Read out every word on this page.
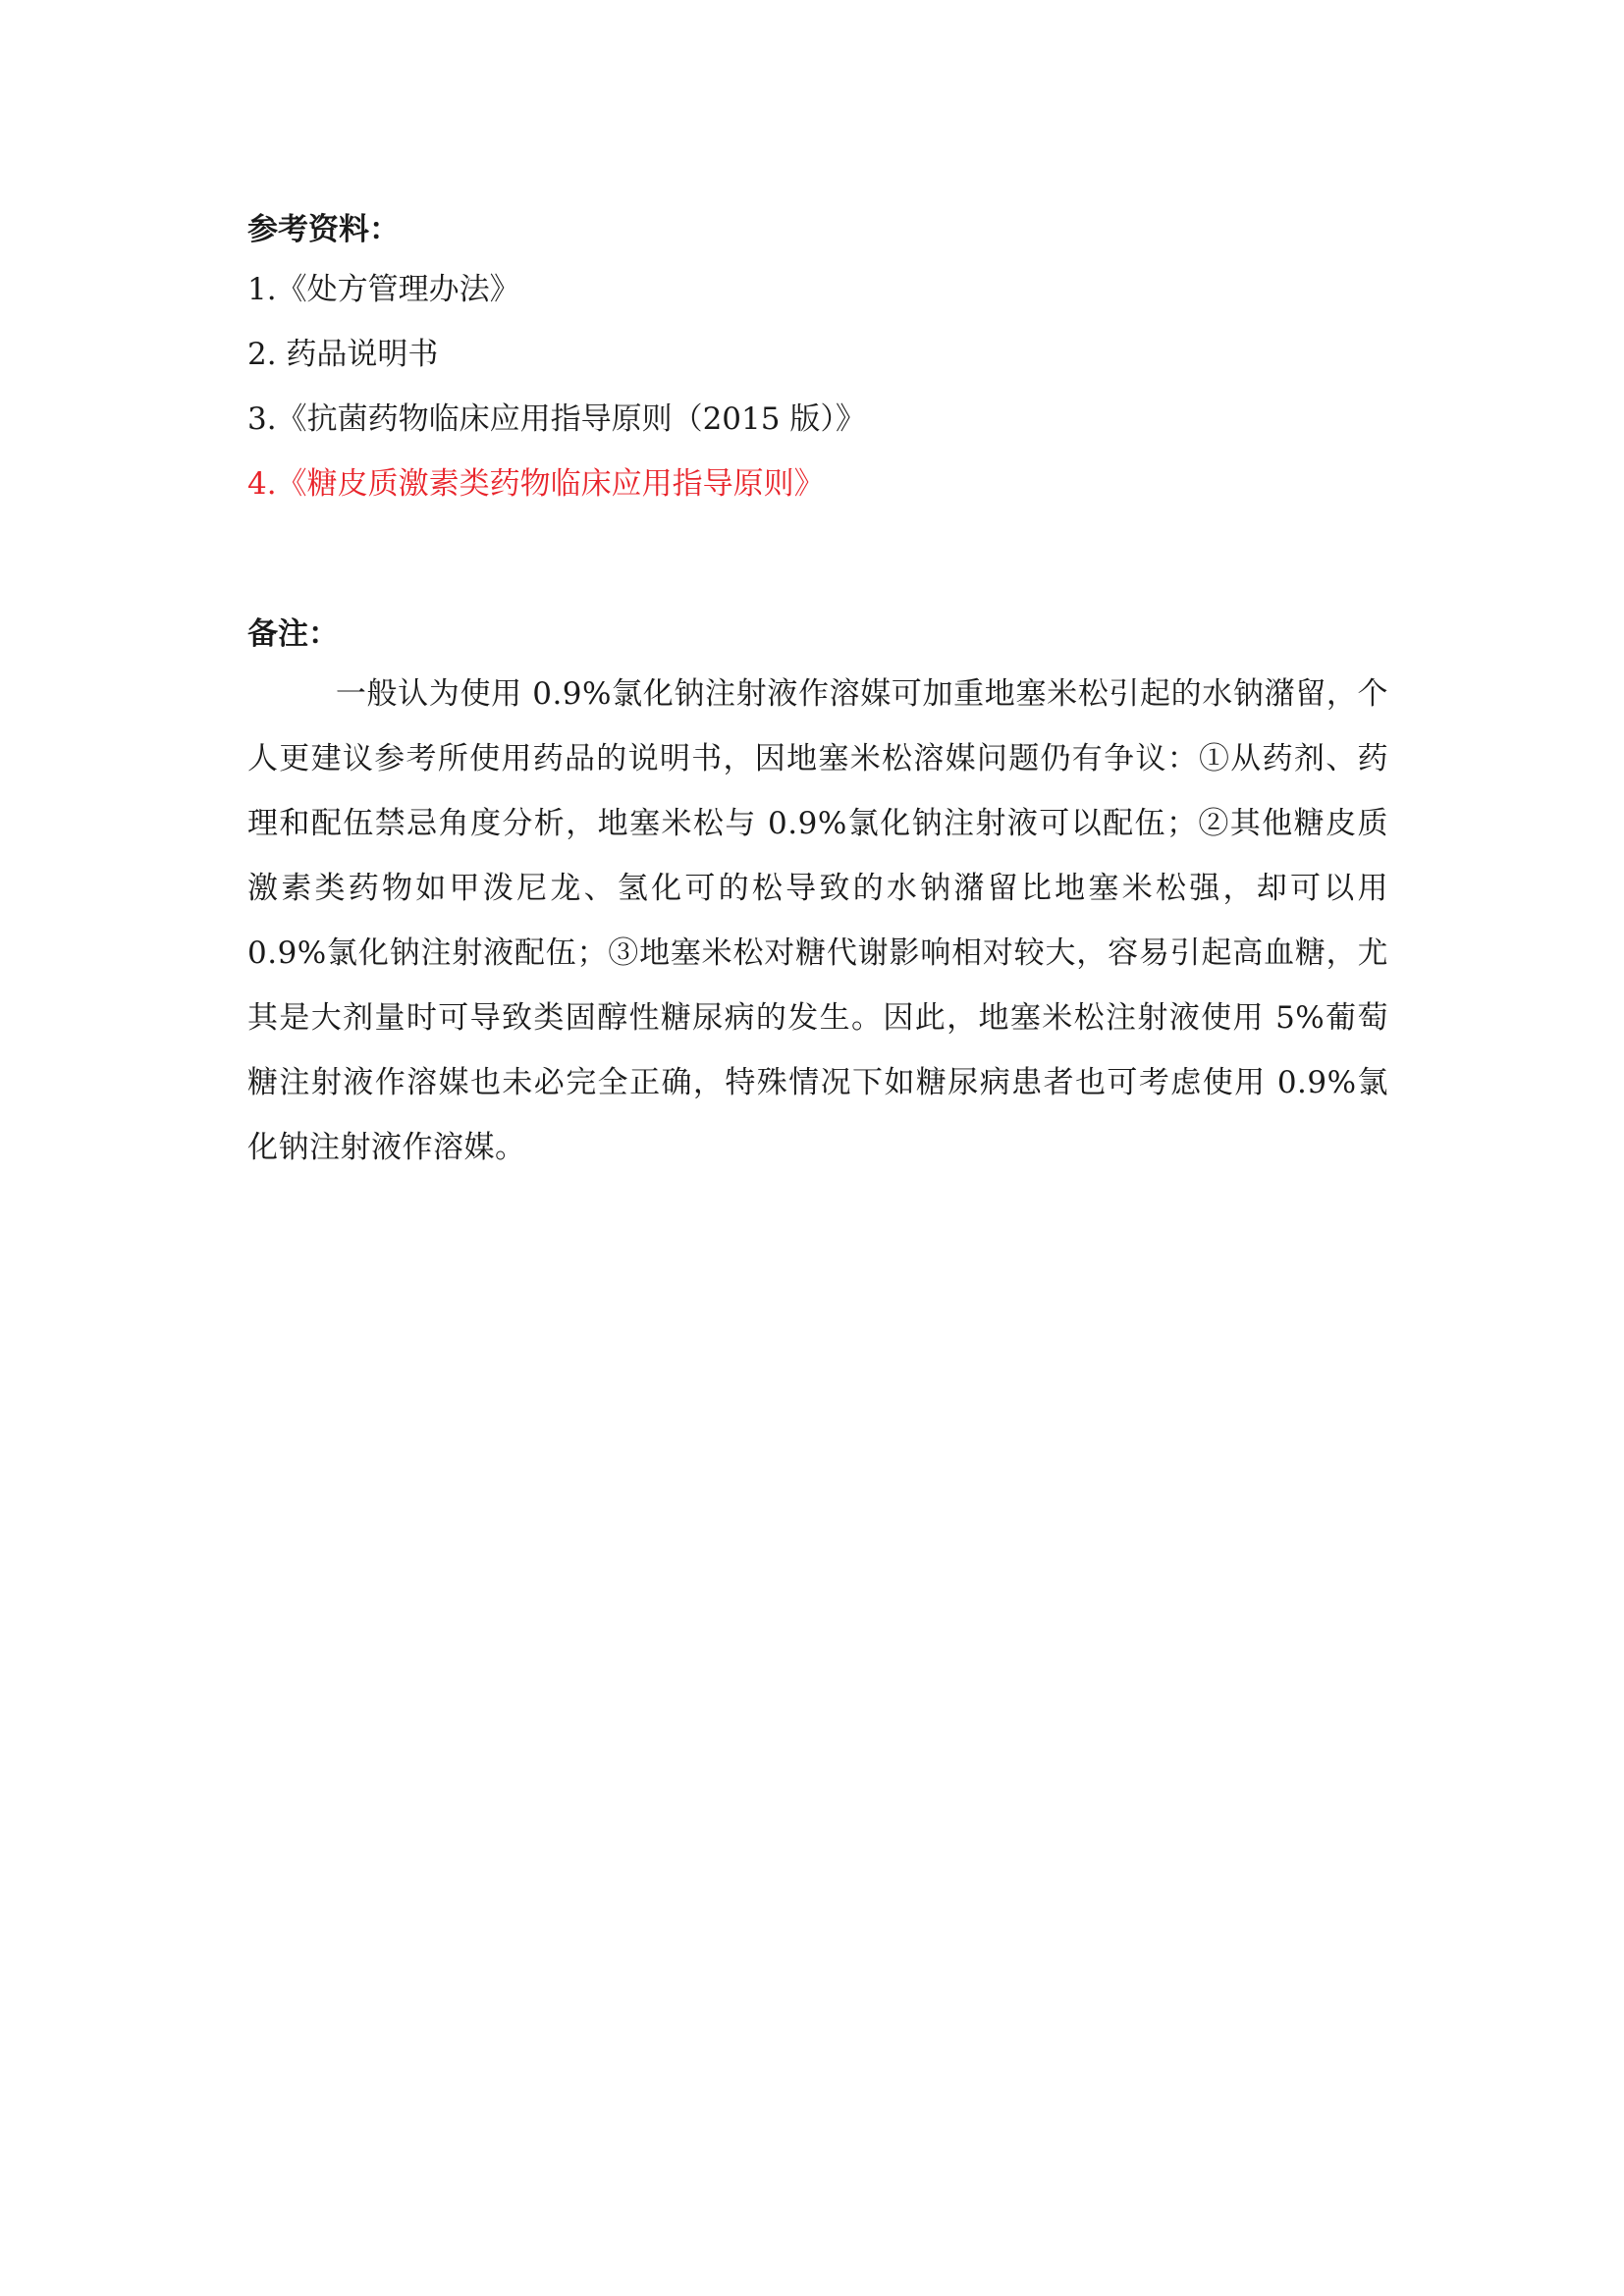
参考资料：
1.《处方管理办法》
2. 药品说明书
3.《抗菌药物临床应用指导原则（2015 版）》
4.《糖皮质激素类药物临床应用指导原则》
备注：

一般认为使用 0.9%氯化钠注射液作溶媒可加重地塞米松引起的水钠潴留，个人更建议参考所使用药品的说明书，因地塞米松溶媒问题仍有争议：①从药剂、药理和配伍禁忌角度分析，地塞米松与 0.9%氯化钠注射液可以配伍；②其他糖皮质激素类药物如甲泼尼龙、氢化可的松导致的水钠潴留比地塞米松强，却可以用 0.9%氯化钠注射液配伍；③地塞米松对糖代谢影响相对较大，容易引起高血糖，尤其是大剂量时可导致类固醇性糖尿病的发生。因此，地塞米松注射液使用 5%葡萄糖注射液作溶媒也未必完全正确，特殊情况下如糖尿病患者也可考虑使用 0.9%氯化钠注射液作溶媒。
